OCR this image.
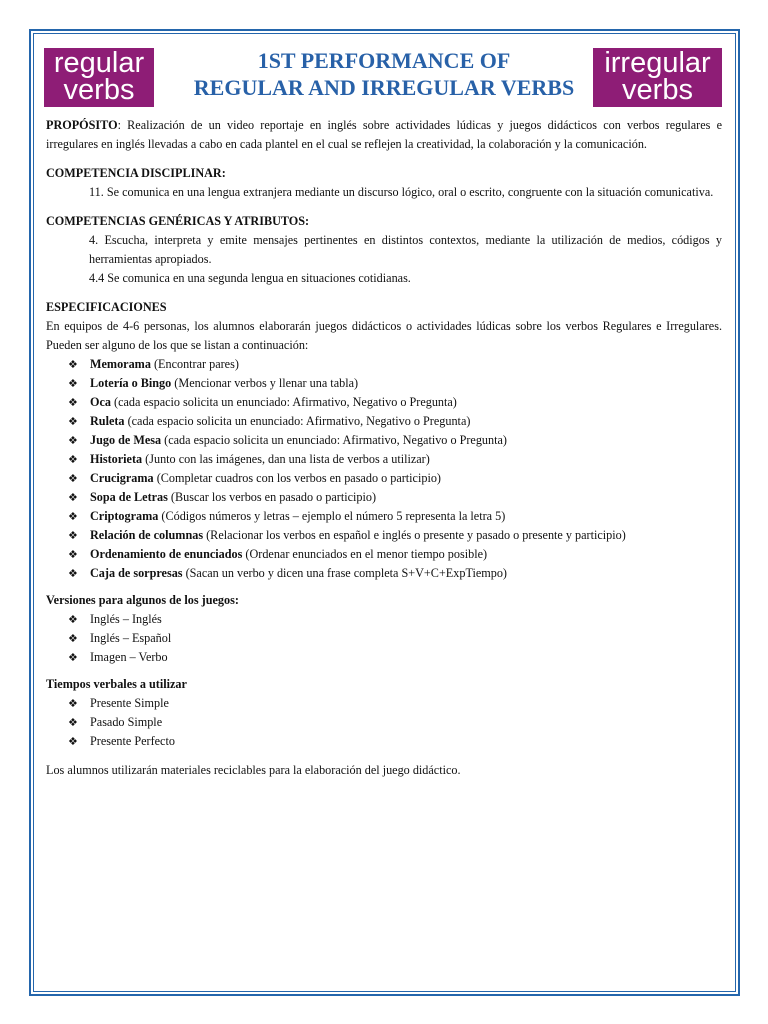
regular
verbs
1ST PERFORMANCE OF
REGULAR AND IRREGULAR VERBS
irregular
verbs

PROPÓSITO: Realización de un video reportaje en inglés sobre actividades lúdicas y juegos didácticos con verbos regulares e irregulares en inglés llevadas a cabo en cada plantel en el cual se reflejen la creatividad, la colaboración y la comunicación.

COMPETENCIA DISCIPLINAR:

11. Se comunica en una lengua extranjera mediante un discurso lógico, oral o escrito, congruente con la situación comunicativa.

COMPETENCIAS GENÉRICAS Y ATRIBUTOS:

4. Escucha, interpreta y emite mensajes pertinentes en distintos contextos, mediante la utilización de medios, códigos y herramientas apropiados.

4.4 Se comunica en una segunda lengua en situaciones cotidianas.

ESPECIFICACIONES

En equipos de 4-6 personas, los alumnos elaborarán juegos didácticos o actividades lúdicas sobre los verbos Regulares e Irregulares. Pueden ser alguno de los que se listan a continuación:

❖ Memorama (Encontrar pares)
❖ Lotería o Bingo (Mencionar verbos y llenar una tabla)
❖ Oca (cada espacio solicita un enunciado: Afirmativo, Negativo o Pregunta)
❖ Ruleta (cada espacio solicita un enunciado: Afirmativo, Negativo o Pregunta)
❖ Jugo de Mesa (cada espacio solicita un enunciado: Afirmativo, Negativo o Pregunta)
❖ Historieta (Junto con las imágenes, dan una lista de verbos a utilizar)
❖ Crucigrama (Completar cuadros con los verbos en pasado o participio)
❖ Sopa de Letras (Buscar los verbos en pasado o participio)
❖ Criptograma (Códigos números y letras – ejemplo el número 5 representa la letra 5)
❖ Relación de columnas (Relacionar los verbos en español e inglés o presente y pasado o presente y participio)
❖ Ordenamiento de enunciados (Ordenar enunciados en el menor tiempo posible)
❖ Caja de sorpresas (Sacan un verbo y dicen una frase completa S+V+C+ExpTiempo)

Versiones para algunos de los juegos:

❖ Inglés – Inglés
❖ Inglés – Español
❖ Imagen – Verbo

Tiempos verbales a utilizar

❖ Presente Simple
❖ Pasado Simple
❖ Presente Perfecto

Los alumnos utilizarán materiales reciclables para la elaboración del juego didáctico.
